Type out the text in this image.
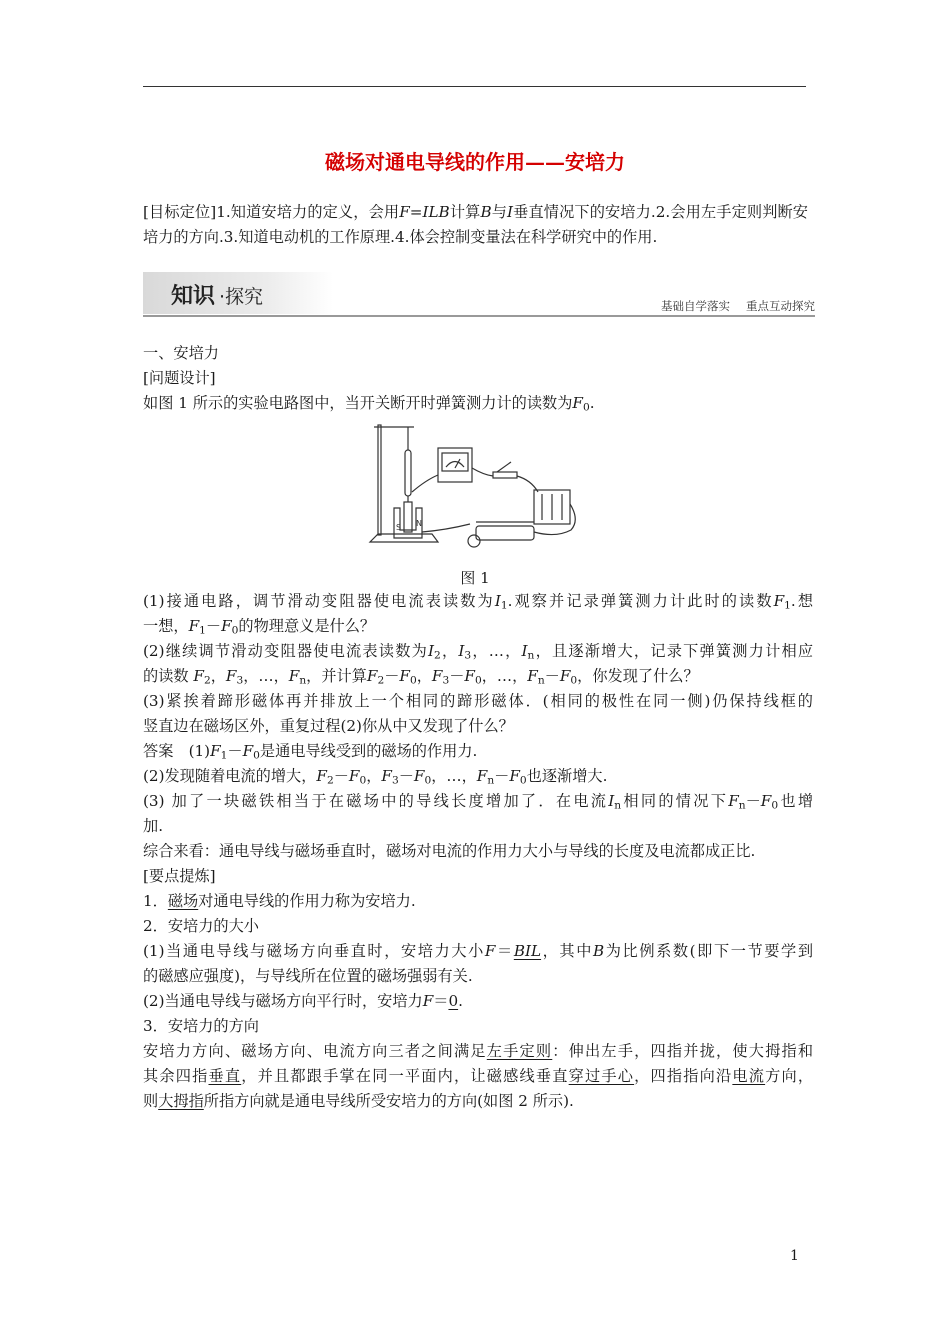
磁场对通电导线的作用——安培力
[目标定位]1.知道安培力的定义，会用F=ILB计算B与I垂直情况下的安培力.2.会用左手定则判断安培力的方向.3.知道电动机的工作原理.4.体会控制变量法在科学研究中的作用.
知识 ·探究	基础自学落实 重点互动探究
一、安培力
[问题设计]
如图 1 所示的实验电路图中，当开关断开时弹簧测力计的读数为$F_0$.
S N
图 1
(1)接通电路，调节滑动变阻器使电流表读数为$I_1$.观察并记录弹簧测力计此时的读数$F_1$.想
一想，$F_1-F_0$的物理意义是什么？
(2)继续调节滑动变阻器使电流表读数为$I_2$，$I_3$，…，$I_n$，且逐渐增大，记录下弹簧测力计相应
的读数 $F_2$，$F_3$，…，$F_n$，并计算$F_2-F_0$，$F_3-F_0$，…，$F_n-F_0$，你发现了什么？
(3)紧挨着蹄形磁体再并排放上一个相同的蹄形磁体．(相同的极性在同一侧)仍保持线框的
竖直边在磁场区外，重复过程(2)你从中又发现了什么？
答案　$(1)F_1-F_0$是通电导线受到的磁场的作用力.
(2)发现随着电流的增大，$F_2-F_0$，$F_3-F_0$，…，$F_n-F_0$也逐渐增大.
(3) 加了一块磁铁相当于在磁场中的导线长度增加了．在电流$I_n$相同的情况下$F_n-F_0$也增
加.
综合来看：通电导线与磁场垂直时，磁场对电流的作用力大小与导线的长度及电流都成正比.
[要点提炼]
1．磁场对通电导线的作用力称为安培力.
2．安培力的大小
(1)当通电导线与磁场方向垂直时，安培力大小F＝BIL，其中B为比例系数(即下一节要学到
的磁感应强度)，与导线所在位置的磁场强弱有关.
(2)当通电导线与磁场方向平行时，安培力F＝0.
3．安培力的方向
安培力方向、磁场方向、电流方向三者之间满足左手定则：伸出左手，四指并拢，使大拇指和
其余四指垂直，并且都跟手掌在同一平面内，让磁感线垂直穿过手心，四指指向沿电流方向，
则大拇指所指方向就是通电导线所受安培力的方向(如图 2 所示).
1
